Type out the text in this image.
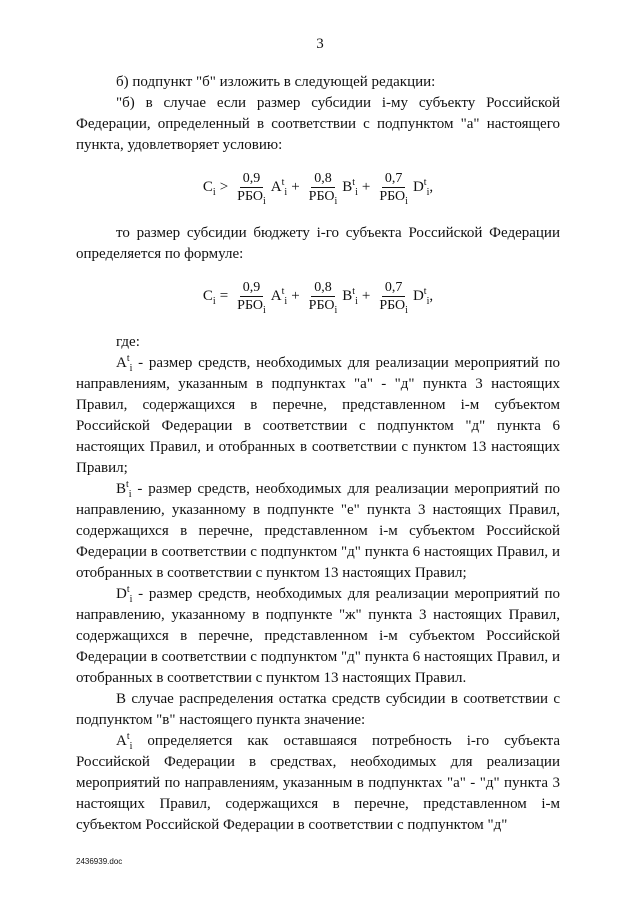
3

б) подпункт "б" изложить в следующей редакции:

"б) в случае если размер субсидии i-му субъекту Российской Федерации, определенный в соответствии с подпунктом "а" настоящего пункта, удовлетворяет условию:

$C_i > \frac{0,9}{РБО_i} A^t_i + \frac{0,8}{РБО_i} B^t_i + \frac{0,7}{РБО_i} D^t_i$ ,

то размер субсидии бюджету i-го субъекта Российской Федерации определяется по формуле:

$C_i = \frac{0,9}{РБО_i} A^t_i + \frac{0,8}{РБО_i} B^t_i + \frac{0,7}{РБО_i} D^t_i$ ,

где:

$A^t_i$ - размер средств, необходимых для реализации мероприятий по направлениям, указанным в подпунктах "а" - "д" пункта 3 настоящих Правил, содержащихся в перечне, представленном i-м субъектом Российской Федерации в соответствии с подпунктом "д" пункта 6 настоящих Правил, и отобранных в соответствии с пунктом 13 настоящих Правил;

$B^t_i$ - размер средств, необходимых для реализации мероприятий по направлению, указанному в подпункте "е" пункта 3 настоящих Правил, содержащихся в перечне, представленном i-м субъектом Российской Федерации в соответствии с подпунктом "д" пункта 6 настоящих Правил, и отобранных в соответствии с пунктом 13 настоящих Правил;

$D^t_i$ - размер средств, необходимых для реализации мероприятий по направлению, указанному в подпункте "ж" пункта 3 настоящих Правил, содержащихся в перечне, представленном i-м субъектом Российской Федерации в соответствии с подпунктом "д" пункта 6 настоящих Правил, и отобранных в соответствии с пунктом 13 настоящих Правил.

В случае распределения остатка средств субсидии в соответствии с подпунктом "в" настоящего пункта значение:

$A^t_i$ определяется как оставшаяся потребность i-го субъекта Российской Федерации в средствах, необходимых для реализации мероприятий по направлениям, указанным в подпунктах "а" - "д" пункта 3 настоящих Правил, содержащихся в перечне, представленном i-м субъектом Российской Федерации в соответствии с подпунктом "д"

2436939.doc
